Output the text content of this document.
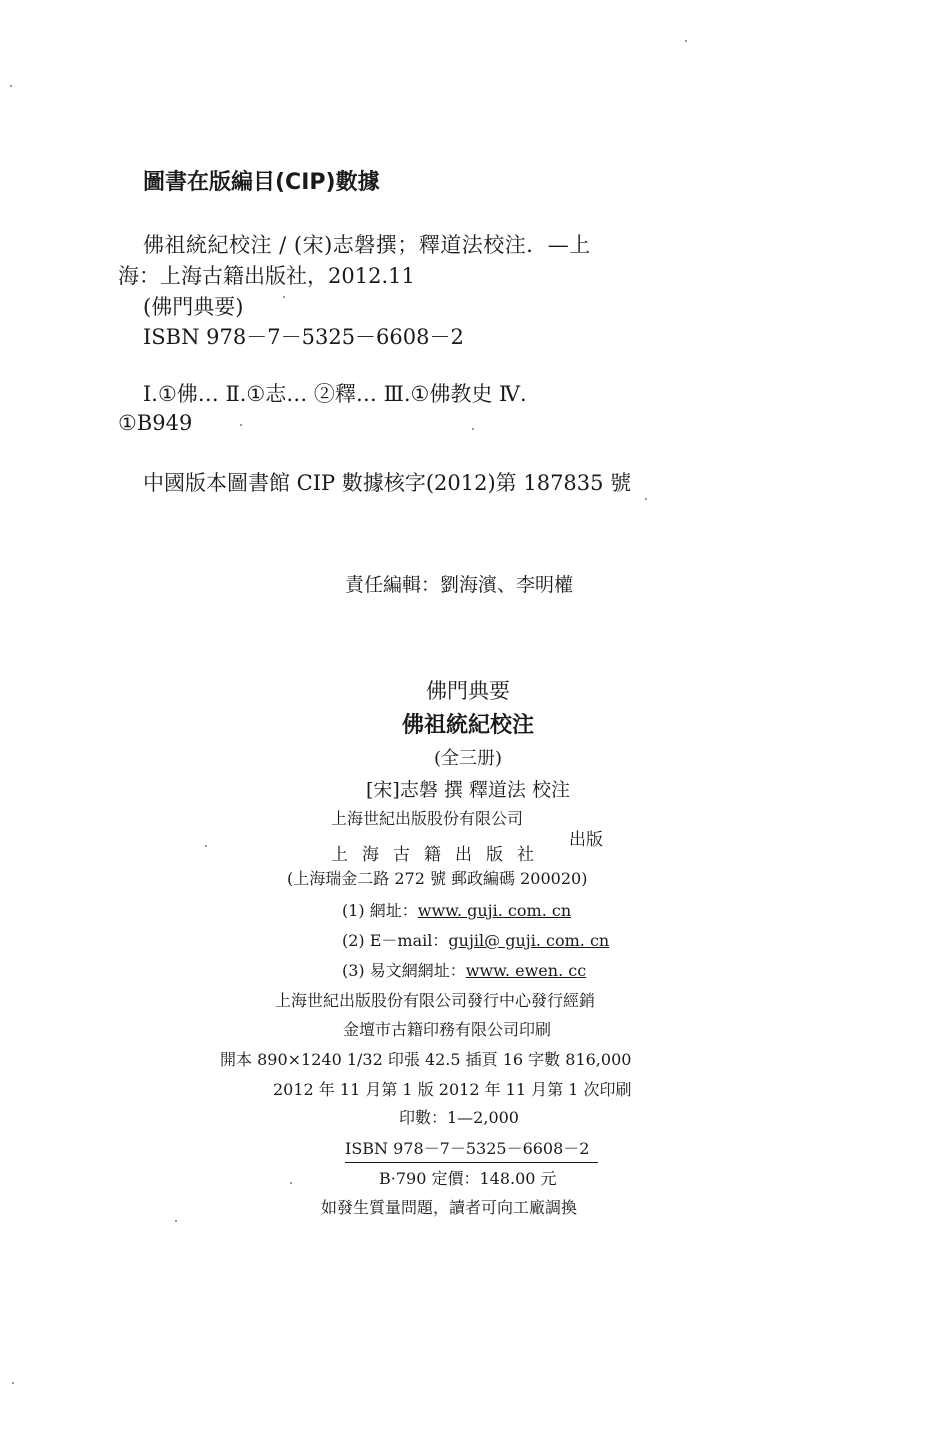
圖書在版編目(CIP)數據
佛祖統紀校注 / (宋)志磐撰；釋道法校注．—上
海：上海古籍出版社，2012.11
(佛門典要)
ISBN 978－7－5325－6608－2
Ⅰ.①佛… Ⅱ.①志… ②釋… Ⅲ.①佛教史 Ⅳ.
①B949
中國版本圖書館 CIP 數據核字(2012)第 187835 號
責任編輯：劉海濱、李明權
佛門典要
佛祖統紀校注
(全三册)
[宋]志磐 撰 釋道法 校注
上海世紀出版股份有限公司
上海古籍出版社
出版
(上海瑞金二路 272 號 郵政編碼 200020)
(1) 網址：www. guji. com. cn
(2) E－mail：gujil@ guji. com. cn
(3) 易文網網址：www. ewen. cc
上海世紀出版股份有限公司發行中心發行經銷
金壇市古籍印務有限公司印刷
開本 890×1240 1/32 印張 42.5 插頁 16 字數 816,000
2012 年 11 月第 1 版 2012 年 11 月第 1 次印刷
印數：1—2,000
ISBN 978－7－5325－6608－2
B·790 定價：148.00 元
如發生質量問題，讀者可向工廠調換
